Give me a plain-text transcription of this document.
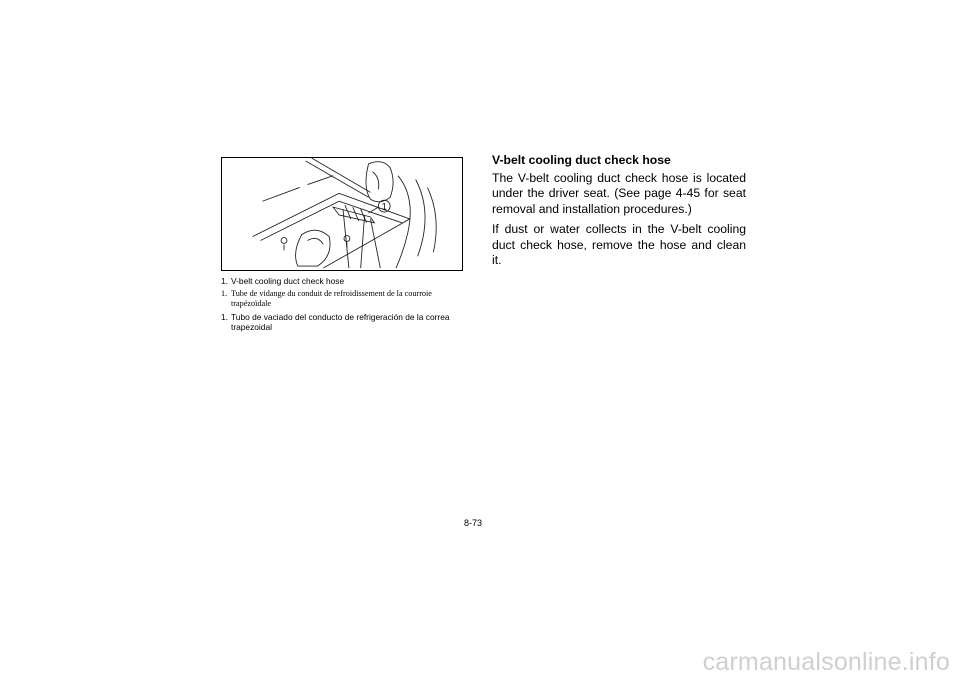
1
1. V-belt cooling duct check hose
1. Tube de vidange du conduit de refroidissement de la courroie trapézoïdale
1. Tubo de vaciado del conducto de refrigeración de la correa trapezoidal
V-belt cooling duct check hose

The V-belt cooling duct check hose is located under the driver seat. (See page 4-45 for seat removal and installation procedures.)

If dust or water collects in the V-belt cooling duct check hose, remove the hose and clean it.

8-73
carmanualsonline.info
